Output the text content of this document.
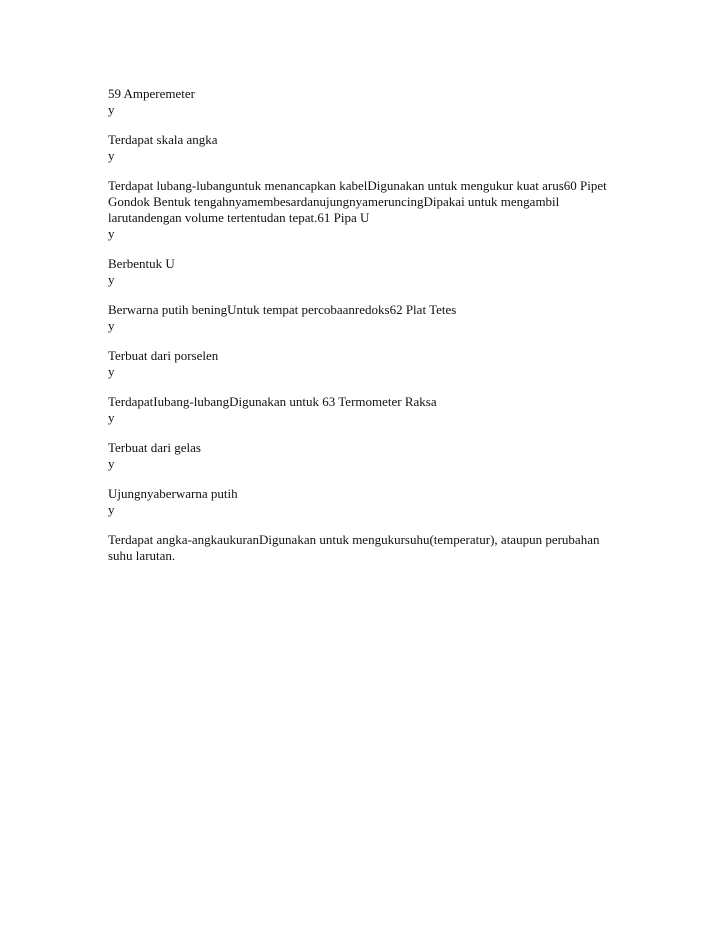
59 Amperemeter
y
Terdapat skala angka
y
Terdapat lubang-lubanguntuk menancapkan kabelDigunakan untuk mengukur kuat arus60 Pipet
Gondok Bentuk tengahnyamembesardanujungnyameruncingDipakai untuk mengambil
larutandengan volume tertentudan tepat.61 Pipa U
y
Berbentuk U
y
Berwarna putih beningUntuk tempat percobaanredoks62 Plat Tetes
y
Terbuat dari porselen
y
TerdapatIubang-lubangDigunakan untuk 63 Termometer Raksa
y
Terbuat dari gelas
y
Ujungnyaberwarna putih
y
Terdapat angka-angkaukuranDigunakan untuk mengukursuhu(temperatur), ataupun perubahan
suhu larutan.
